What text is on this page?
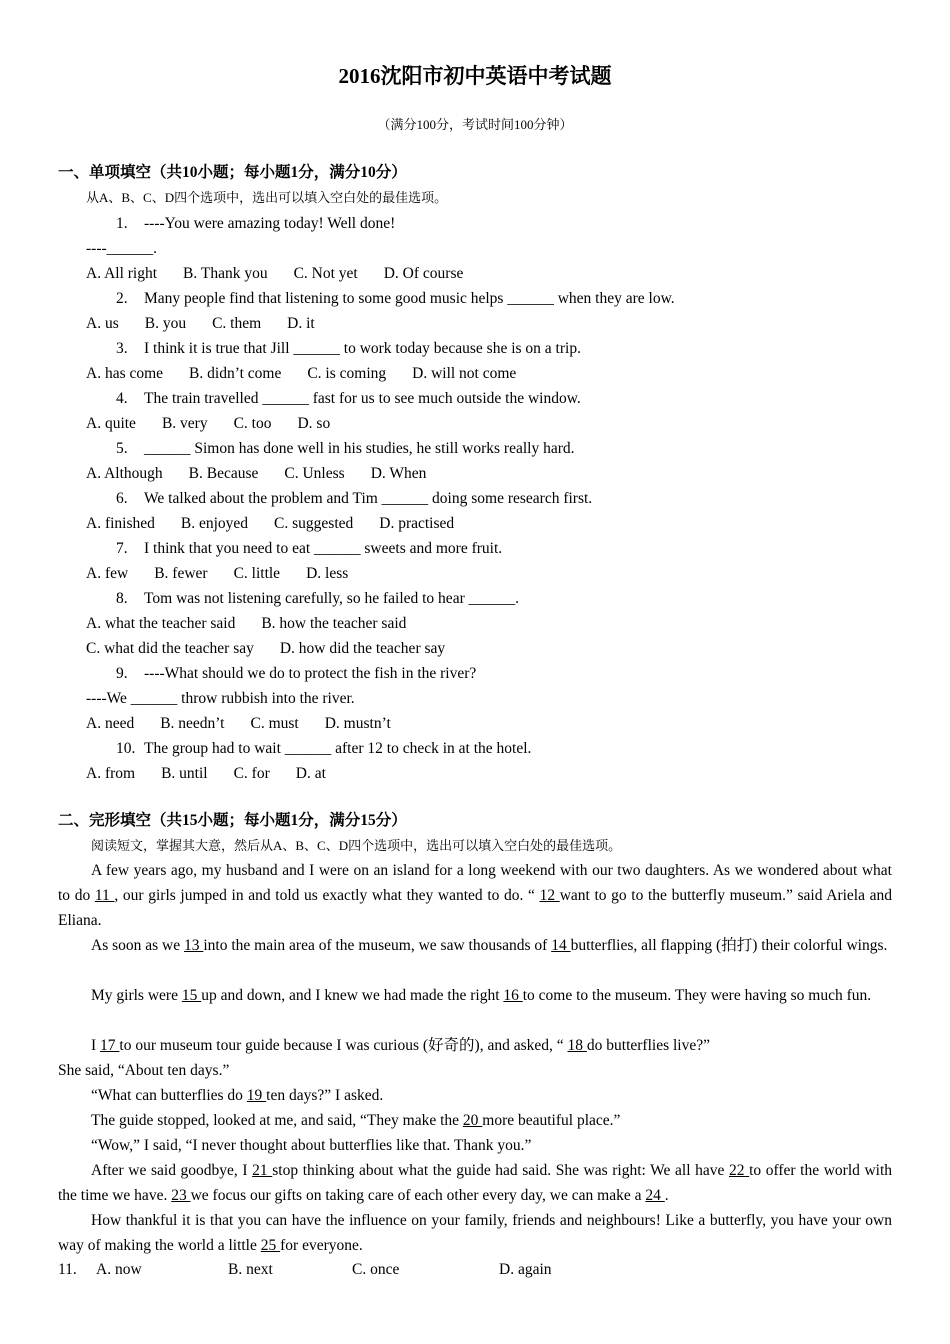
2016沈阳市初中英语中考试题
（满分100分，考试时间100分钟）
一、单项填空（共10小题；每小题1分，满分10分）
从A、B、C、D四个选项中，选出可以填入空白处的最佳选项。
1. ----You were amazing today! Well done!
----______.
A. All right B. Thank you C. Not yet D. Of course
2. Many people find that listening to some good music helps ______ when they are low.
A. us B. you C. them D. it
3. I think it is true that Jill ______ to work today because she is on a trip.
A. has come B. didn’t come C. is coming D. will not come
4. The train travelled ______ fast for us to see much outside the window.
A. quite B. very C. too D. so
5. ______ Simon has done well in his studies, he still works really hard.
A. Although B. Because C. Unless D. When
6. We talked about the problem and Tim ______ doing some research first.
A. finished B. enjoyed C. suggested D. practised
7. I think that you need to eat ______ sweets and more fruit.
A. few B. fewer C. little D. less
8. Tom was not listening carefully, so he failed to hear ______.
A. what the teacher said B. how the teacher said
C. what did the teacher say D. how did the teacher say
9. ----What should we do to protect the fish in the river?
----We ______ throw rubbish into the river.
A. need B. needn’t C. must D. mustn’t
10. The group had to wait ______ after 12 to check in at the hotel.
A. from B. until C. for D. at
二、完形填空（共15小题；每小题1分，满分15分）
阅读短文，掌握其大意，然后从A、B、C、D四个选项中，选出可以填入空白处的最佳选项。
A few years ago, my husband and I were on an island for a long weekend with our two daughters. As we wondered about what to do 11 , our girls jumped in and told us exactly what they wanted to do. “ 12 want to go to the butterfly museum.” said Ariela and Eliana.
As soon as we 13 into the main area of the museum, we saw thousands of 14 butterflies, all flapping (拍打) their colorful wings.
My girls were 15 up and down, and I knew we had made the right 16 to come to the museum. They were having so much fun.
I 17 to our museum tour guide because I was curious (好奇的), and asked, “ 18 do butterflies live?”
She said, “About ten days.”
“What can butterflies do 19 ten days?” I asked.
The guide stopped, looked at me, and said, “They make the 20 more beautiful place.”
“Wow,” I said, “I never thought about butterflies like that. Thank you.”
After we said goodbye, I 21 stop thinking about what the guide had said. She was right: We all have 22 to offer the world with the time we have. 23 we focus our gifts on taking care of each other every day, we can make a 24 .
How thankful it is that you can have the influence on your family, friends and neighbours! Like a butterfly, you have your own way of making the world a little 25 for everyone.
11. A. now	B. next	C. once	D. again
